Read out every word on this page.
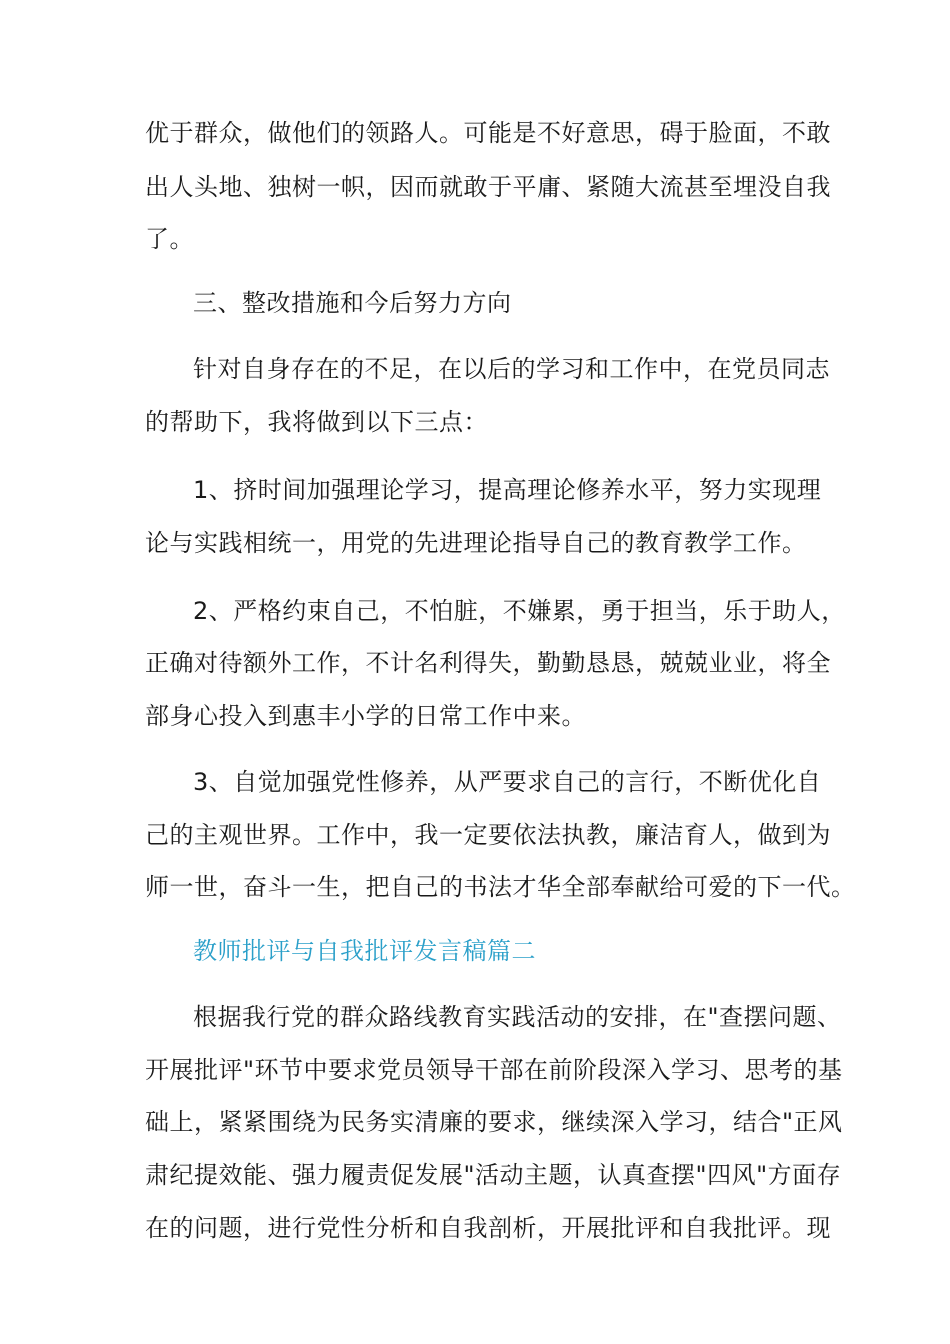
优于群众，做他们的领路人。可能是不好意思，碍于脸面，不敢
出人头地、独树一帜，因而就敢于平庸、紧随大流甚至埋没自我
了。
三、整改措施和今后努力方向
针对自身存在的不足，在以后的学习和工作中，在党员同志
的帮助下，我将做到以下三点：
1、挤时间加强理论学习，提高理论修养水平，努力实现理
论与实践相统一，用党的先进理论指导自己的教育教学工作。
2、严格约束自己，不怕脏，不嫌累，勇于担当，乐于助人，
正确对待额外工作，不计名利得失，勤勤恳恳，兢兢业业，将全
部身心投入到惠丰小学的日常工作中来。
3、自觉加强党性修养，从严要求自己的言行，不断优化自
己的主观世界。工作中，我一定要依法执教，廉洁育人，做到为
师一世，奋斗一生，把自己的书法才华全部奉献给可爱的下一代。
教师批评与自我批评发言稿篇二
根据我行党的群众路线教育实践活动的安排，在"查摆问题、
开展批评"环节中要求党员领导干部在前阶段深入学习、思考的基
础上，紧紧围绕为民务实清廉的要求，继续深入学习，结合"正风
肃纪提效能、强力履责促发展"活动主题，认真查摆"四风"方面存
在的问题，进行党性分析和自我剖析，开展批评和自我批评。现
